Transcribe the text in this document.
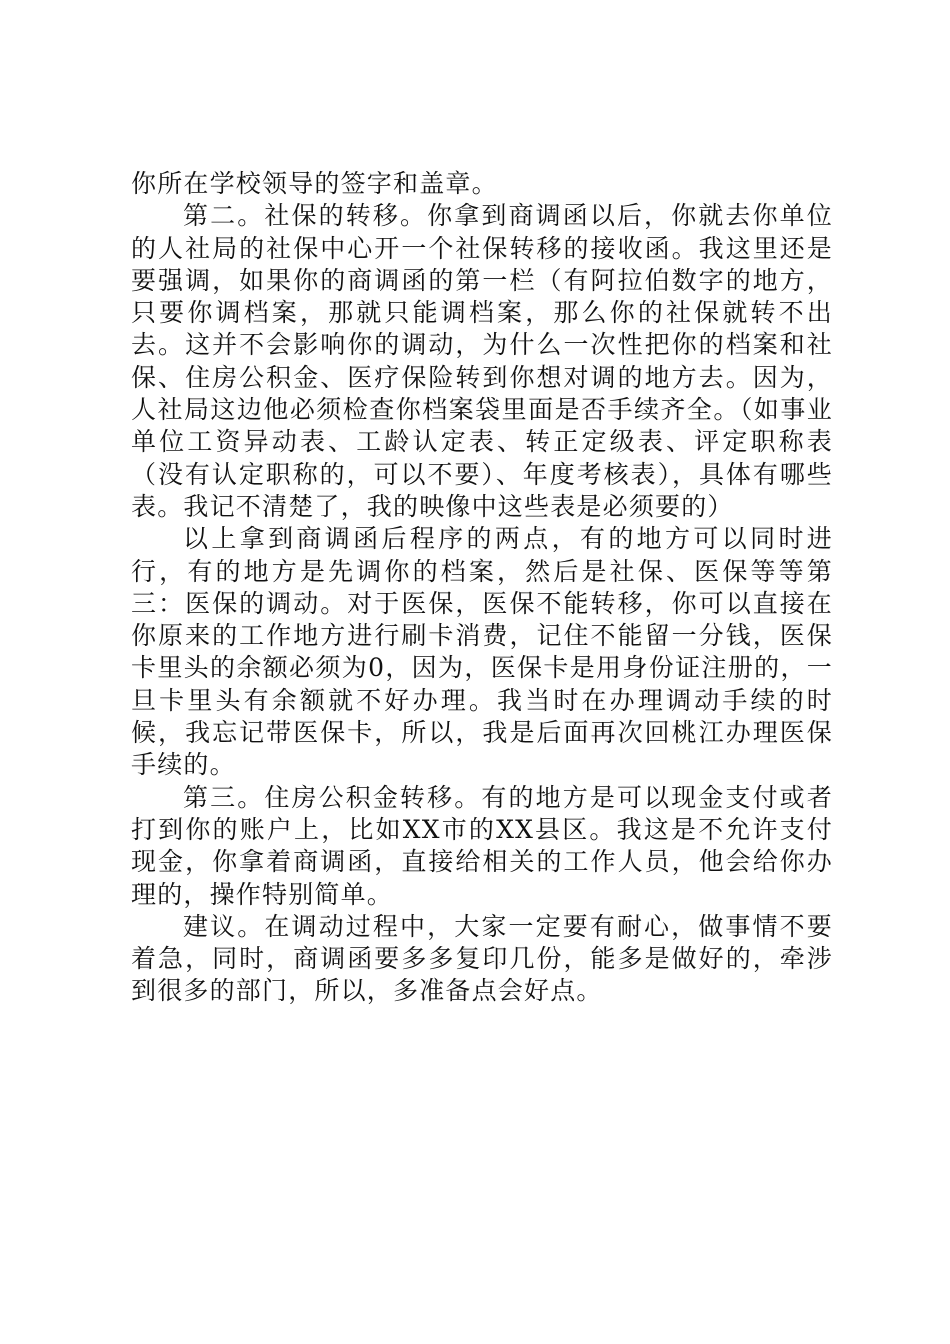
你所在学校领导的签字和盖章。

第二。社保的转移。你拿到商调函以后，你就去你单位的人社局的社保中心开一个社保转移的接收函。我这里还是要强调，如果你的商调函的第一栏（有阿拉伯数字的地方，只要你调档案，那就只能调档案，那么你的社保就转不出去。这并不会影响你的调动，为什么一次性把你的档案和社保、住房公积金、医疗保险转到你想对调的地方去。因为，人社局这边他必须检查你档案袋里面是否手续齐全。（如事业单位工资异动表、工龄认定表、转正定级表、评定职称表（没有认定职称的，可以不要）、年度考核表），具体有哪些表。我记不清楚了，我的映像中这些表是必须要的）

以上拿到商调函后程序的两点，有的地方可以同时进行，有的地方是先调你的档案，然后是社保、医保等等第三：医保的调动。对于医保，医保不能转移，你可以直接在你原来的工作地方进行刷卡消费，记住不能留一分钱，医保卡里头的余额必须为0，因为，医保卡是用身份证注册的，一旦卡里头有余额就不好办理。我当时在办理调动手续的时候，我忘记带医保卡，所以，我是后面再次回桃江办理医保手续的。

第三。住房公积金转移。有的地方是可以现金支付或者打到你的账户上，比如XX市的XX县区。我这是不允许支付现金，你拿着商调函，直接给相关的工作人员，他会给你办理的，操作特别简单。

建议。在调动过程中，大家一定要有耐心，做事情不要着急，同时，商调函要多多复印几份，能多是做好的，牵涉到很多的部门，所以，多准备点会好点。
